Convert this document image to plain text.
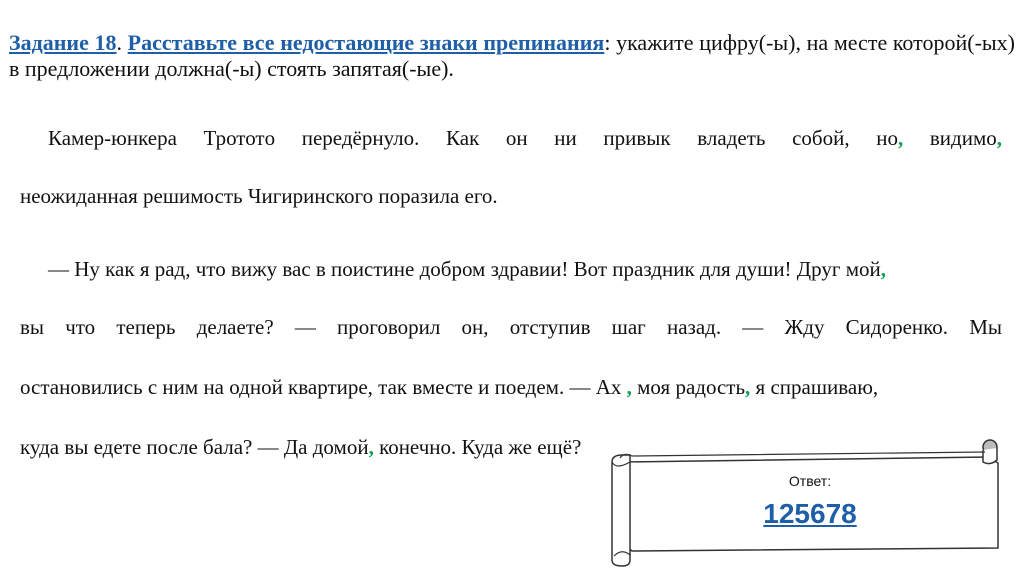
Задание 18. Расставьте все недостающие знаки препинания: укажите цифру(-ы), на месте которой(-ых) в предложении должна(-ы) стоять запятая(-ые).
Камер-юнкера Трототo передёрнуло. Как он ни привык владеть собой, но, видимо,
неожиданная решимость Чигиринского поразила его.
— Ну как я рад, что вижу вас в поистине добром здравии! Вот праздник для души! Друг мой,
вы что теперь делаете? — проговорил он, отступив шаг назад. — Жду Сидоренко. Мы
остановились с ним на одной квартире, так вместе и поедем. — Ах , моя радость, я спрашиваю,
куда вы едете после бала? — Да домой, конечно. Куда же ещё?
Ответ:
125678
